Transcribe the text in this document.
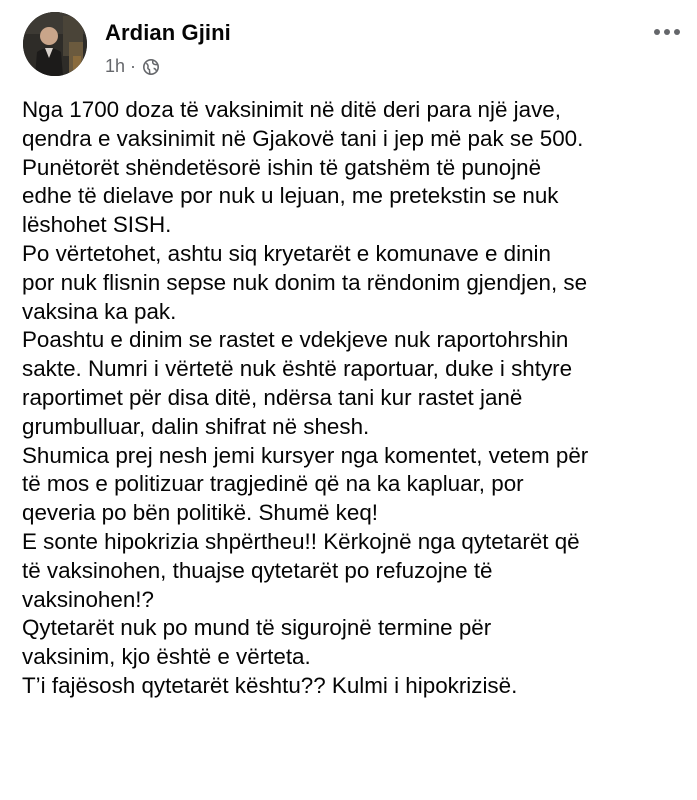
Ardian Gjini
1h ·

Nga 1700 doza të vaksinimit në ditë deri para një jave,

qendra e vaksinimit në Gjakovë tani i jep më pak se 500.

Punëtorët shëndetësorë ishin të gatshëm të punojnë

edhe të dielave por nuk u lejuan, me pretekstin se nuk

lëshohet SISH.

Po vërtetohet, ashtu siq kryetarët e komunave e dinin

por nuk flisnin sepse nuk donim ta rëndonim gjendjen, se

vaksina ka pak.

Poashtu e dinim se rastet e vdekjeve nuk raportohrshin

sakte. Numri i vërtetë nuk është raportuar, duke i shtyre

raportimet për disa ditë, ndërsa tani kur rastet janë

grumbulluar, dalin shifrat në shesh.

Shumica prej nesh jemi kursyer nga komentet, vetem për

të mos e politizuar tragjedinë që na ka kapluar, por

qeveria po bën politikë. Shumë keq!

E sonte hipokrizia shpërtheu!! Kërkojnë nga qytetarët që

të vaksinohen, thuajse qytetarët po refuzojne të

vaksinohen!?

Qytetarët nuk po mund të sigurojnë termine për

vaksinim, kjo është e vërteta.

T’i fajësosh qytetarët kështu?? Kulmi i hipokrizisë.
